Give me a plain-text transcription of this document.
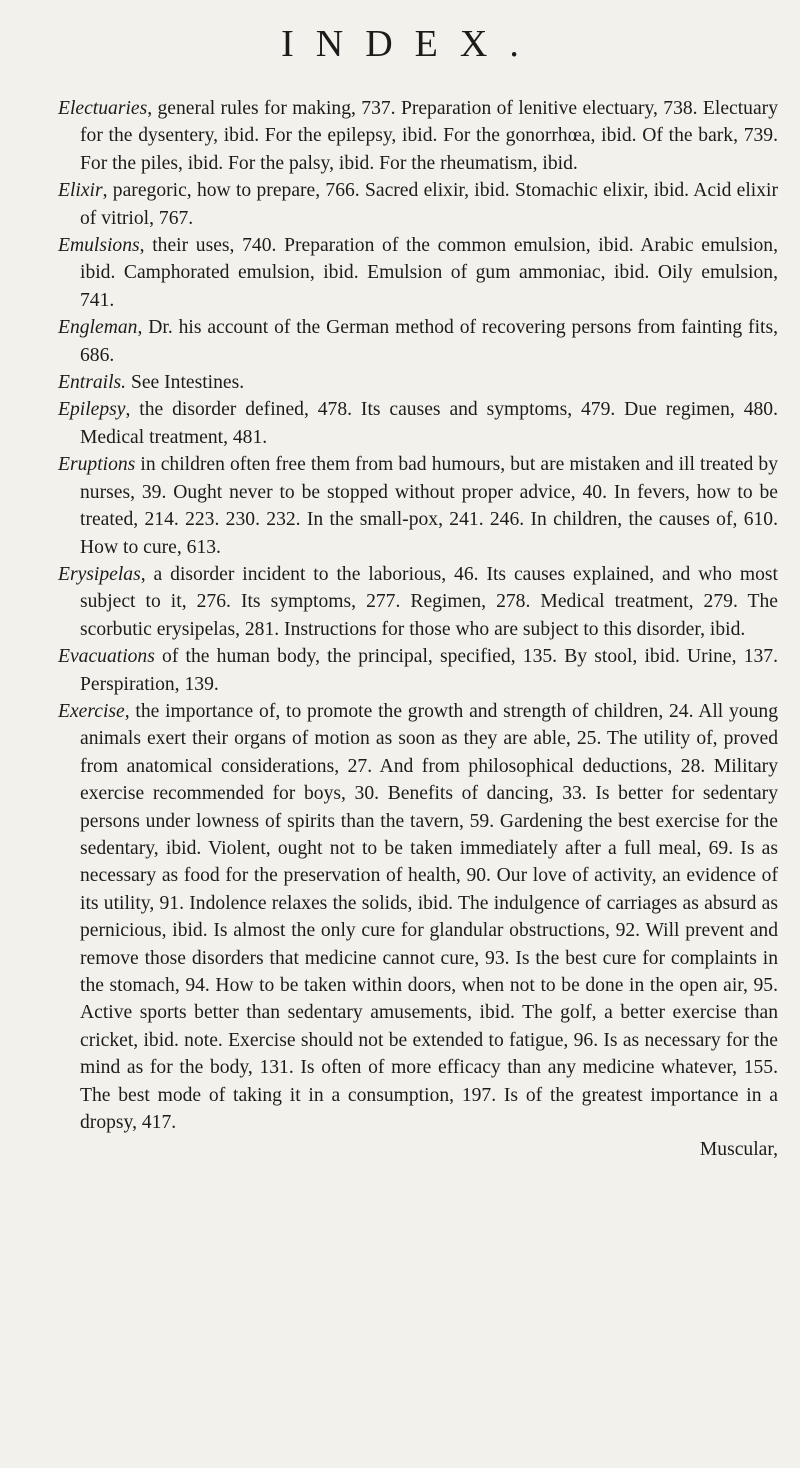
INDEX.

Electuaries, general rules for making, 737. Preparation of lenitive electuary, 738. Electuary for the dysentery, ibid. For the epilepsy, ibid. For the gonorrhœa, ibid. Of the bark, 739. For the piles, ibid. For the palsy, ibid. For the rheumatism, ibid.

Elixir, paregoric, how to prepare, 766. Sacred elixir, ibid. Stomachic elixir, ibid. Acid elixir of vitriol, 767.

Emulsions, their uses, 740. Preparation of the common emulsion, ibid. Arabic emulsion, ibid. Camphorated emulsion, ibid. Emulsion of gum ammoniac, ibid. Oily emulsion, 741.

Engleman, Dr. his account of the German method of recovering persons from fainting fits, 686.

Entrails. See Intestines.

Epilepsy, the disorder defined, 478. Its causes and symptoms, 479. Due regimen, 480. Medical treatment, 481.

Eruptions in children often free them from bad humours, but are mistaken and ill treated by nurses, 39. Ought never to be stopped without proper advice, 40. In fevers, how to be treated, 214. 223. 230. 232. In the small-pox, 241. 246. In children, the causes of, 610. How to cure, 613.

Erysipelas, a disorder incident to the laborious, 46. Its causes explained, and who most subject to it, 276. Its symptoms, 277. Regimen, 278. Medical treatment, 279. The scorbutic erysipelas, 281. Instructions for those who are subject to this disorder, ibid.

Evacuations of the human body, the principal, specified, 135. By stool, ibid. Urine, 137. Perspiration, 139.

Exercise, the importance of, to promote the growth and strength of children, 24. All young animals exert their organs of motion as soon as they are able, 25. The utility of, proved from anatomical considerations, 27. And from philosophical deductions, 28. Military exercise recommended for boys, 30. Benefits of dancing, 33. Is better for sedentary persons under lowness of spirits than the tavern, 59. Gardening the best exercise for the sedentary, ibid. Violent, ought not to be taken immediately after a full meal, 69. Is as necessary as food for the preservation of health, 90. Our love of activity, an evidence of its utility, 91. Indolence relaxes the solids, ibid. The indulgence of carriages as absurd as pernicious, ibid. Is almost the only cure for glandular obstructions, 92. Will prevent and remove those disorders that medicine cannot cure, 93. Is the best cure for complaints in the stomach, 94. How to be taken within doors, when not to be done in the open air, 95. Active sports better than sedentary amusements, ibid. The golf, a better exercise than cricket, ibid. note. Exercise should not be extended to fatigue, 96. Is as necessary for the mind as for the body, 131. Is often of more efficacy than any medicine whatever, 155. The best mode of taking it in a consumption, 197. Is of the greatest importance in a dropsy, 417.

Muscular,
